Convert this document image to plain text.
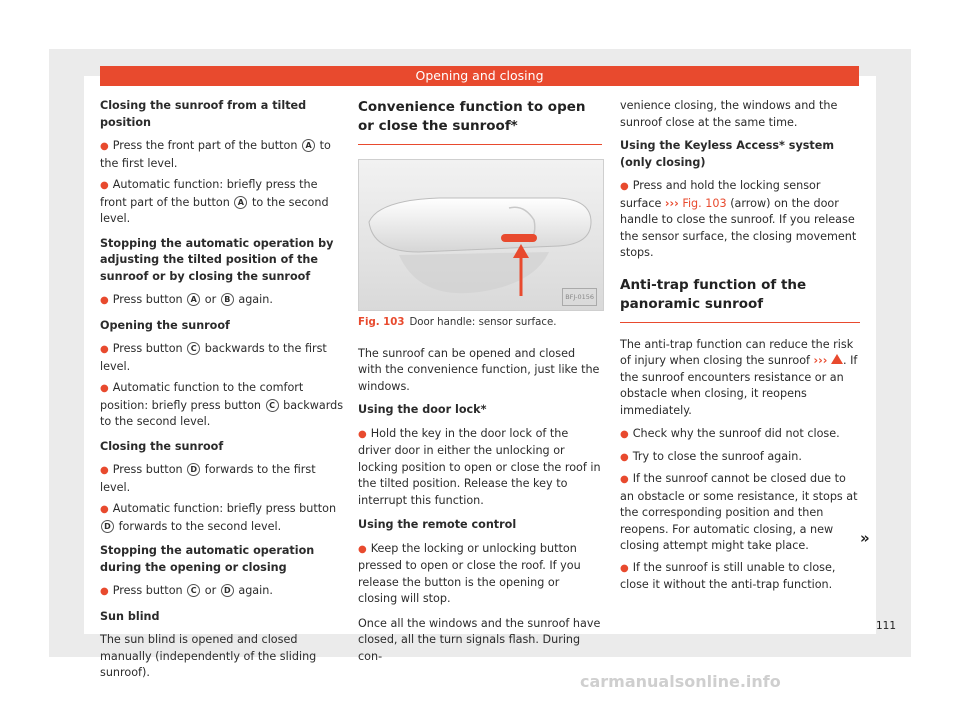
Opening and closing

Closing the sunroof from a tilted position

● Press the front part of the button A to the first level.
● Automatic function: briefly press the front part of the button A to the second level.

Stopping the automatic operation by adjusting the tilted position of the sunroof or by closing the sunroof

● Press button A or B again.

Opening the sunroof

● Press button C backwards to the first level.
● Automatic function to the comfort position: briefly press button C backwards to the second level.

Closing the sunroof

● Press button D forwards to the first level.
● Automatic function: briefly press button D forwards to the second level.

Stopping the automatic operation during the opening or closing

● Press button C or D again.

Sun blind

The sun blind is opened and closed manually (independently of the sliding sunroof).

Convenience function to open or close the sunroof*
BFJ-0156
Fig. 103 Door handle: sensor surface.

The sunroof can be opened and closed with the convenience function, just like the windows.

Using the door lock*

● Hold the key in the door lock of the driver door in either the unlocking or locking position to open or close the roof in the tilted position. Release the key to interrupt this function.

Using the remote control

● Keep the locking or unlocking button pressed to open or close the roof. If you release the button is the opening or closing will stop.

Once all the windows and the sunroof have closed, all the turn signals flash. During con-

venience closing, the windows and the sunroof close at the same time.

Using the Keyless Access* system (only closing)

● Press and hold the locking sensor surface ››› Fig. 103 (arrow) on the door handle to close the sunroof. If you release the sensor surface, the closing movement stops.
Anti-trap function of the panoramic sunroof

The anti-trap function can reduce the risk of injury when closing the sunroof ››› . If the sunroof encounters resistance or an obstacle when closing, it reopens immediately.

● Check why the sunroof did not close.
● Try to close the sunroof again.
● If the sunroof cannot be closed due to an obstacle or some resistance, it stops at the corresponding position and then reopens. For automatic closing, a new closing attempt might take place.
● If the sunroof is still unable to close, close it without the anti-trap function.
»
111
carmanualsonline.info
